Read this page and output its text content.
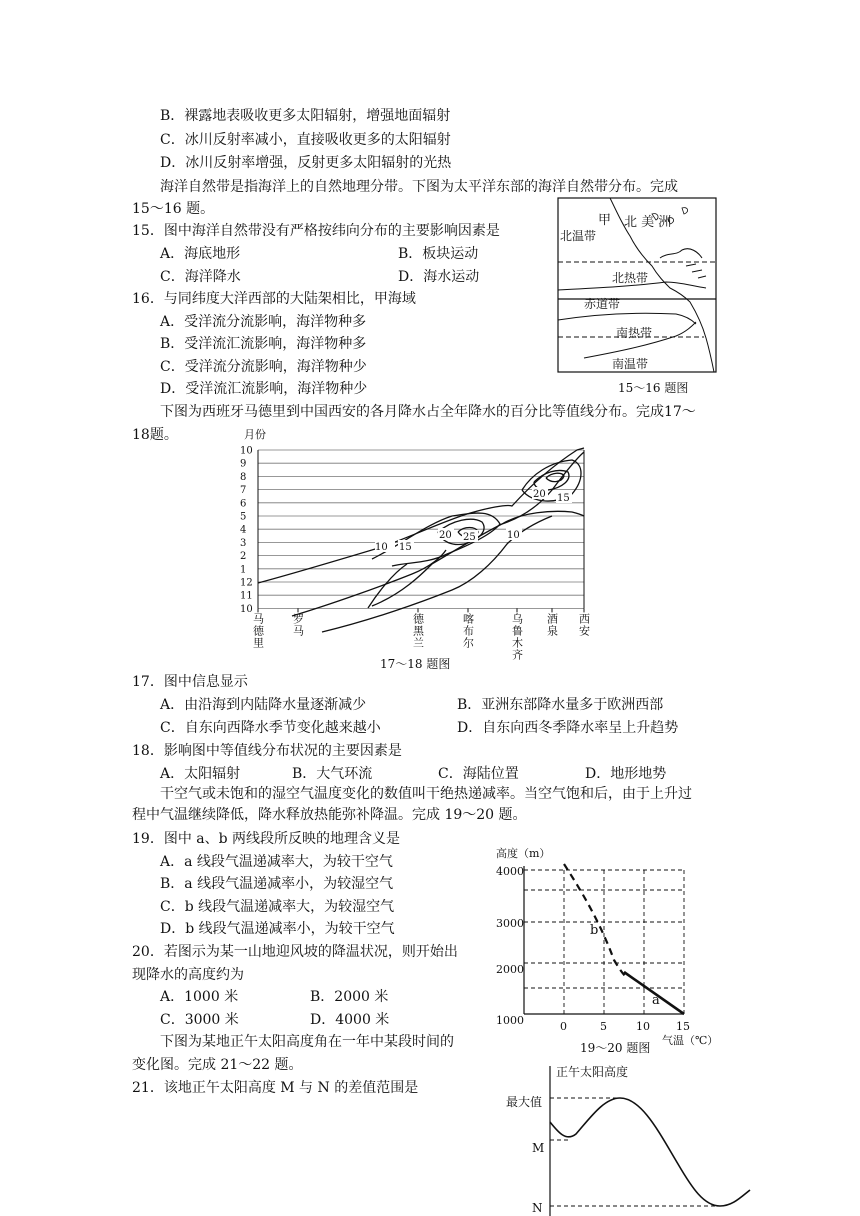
B．裸露地表吸收更多太阳辐射，增强地面辐射
C．冰川反射率减小，直接吸收更多的太阳辐射
D．冰川反射率增强，反射更多太阳辐射的光热
海洋自然带是指海洋上的自然地理分带。下图为太平洋东部的海洋自然带分布。完成
15～16 题。
15．图中海洋自然带没有严格按纬向分布的主要影响因素是
A．海底地形	B．板块运动
C．海洋降水	D．海水运动
16．与同纬度大洋西部的大陆架相比，甲海域
A．受洋流分流影响，海洋物种多
B．受洋流汇流影响，海洋物种多
C．受洋流分流影响，海洋物种少
D．受洋流汇流影响，海洋物种少
甲 北 美 洲
北温带
北热带
赤道带
南热带
南温带
15～16 题图
下图为西班牙马德里到中国西安的各月降水占全年降水的百分比等值线分布。完成17～
18题。	月份
10
9
8
7
6
5
4
3
2
1
12
11
10
马
德
里
罗
马
德
黑
兰
喀
布
尔
乌
鲁
木
齐
酒
泉
西
安
10 15
20 25	10
20 15
17～18 题图
17．图中信息显示
A．由沿海到内陆降水量逐渐减少	B．亚洲东部降水量多于欧洲西部
C．自东向西降水季节变化越来越小	D．自东向西冬季降水率呈上升趋势
18．影响图中等值线分布状况的主要因素是
A．太阳辐射	B．大气环流	C．海陆位置	D．地形地势
干空气或未饱和的湿空气温度变化的数值叫干绝热递减率。当空气饱和后，由于上升过
程中气温继续降低，降水释放热能弥补降温。完成 19～20 题。
19．图中 a、b 两线段所反映的地理含义是
A．a 线段气温递减率大，为较干空气
B．a 线段气温递减率小，为较湿空气
C．b 线段气温递减率大，为较湿空气
D．b 线段气温递减率小，为较干空气
20．若图示为某一山地迎风坡的降温状况，则开始出
现降水的高度约为
A．1000 米	B．2000 米
C．3000 米	D．4000 米
高度（m）
b
a
4000
3000
2000
1000	0	5	10 15
气温（℃）
19～20 题图
下图为某地正午太阳高度角在一年中某段时间的
变化图。完成 21～22 题。
21．该地正午太阳高度 M 与 N 的差值范围是
正午太阳高度
最大值
M
N
